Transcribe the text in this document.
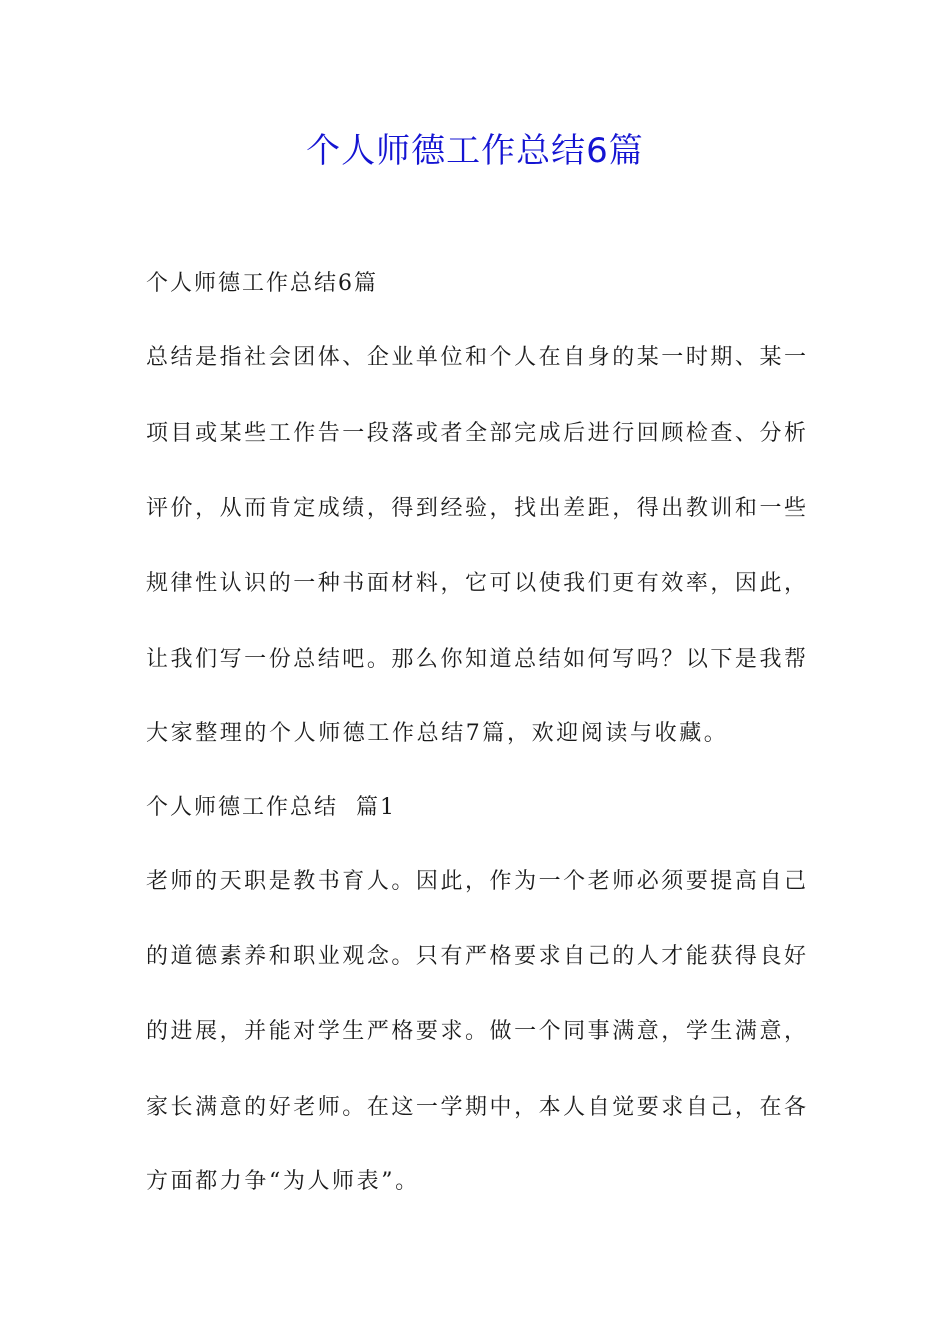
个人师德工作总结6篇
个人师德工作总结6篇
总结是指社会团体、企业单位和个人在自身的某一时期、某一
项目或某些工作告一段落或者全部完成后进行回顾检查、分析
评价，从而肯定成绩，得到经验，找出差距，得出教训和一些
规律性认识的一种书面材料，它可以使我们更有效率，因此，
让我们写一份总结吧。那么你知道总结如何写吗？以下是我帮
大家整理的个人师德工作总结7篇，欢迎阅读与收藏。
个人师德工作总结  篇1
老师的天职是教书育人。因此，作为一个老师必须要提高自己
的道德素养和职业观念。只有严格要求自己的人才能获得良好
的进展，并能对学生严格要求。做一个同事满意，学生满意，
家长满意的好老师。在这一学期中，本人自觉要求自己，在各
方面都力争“为人师表”。
